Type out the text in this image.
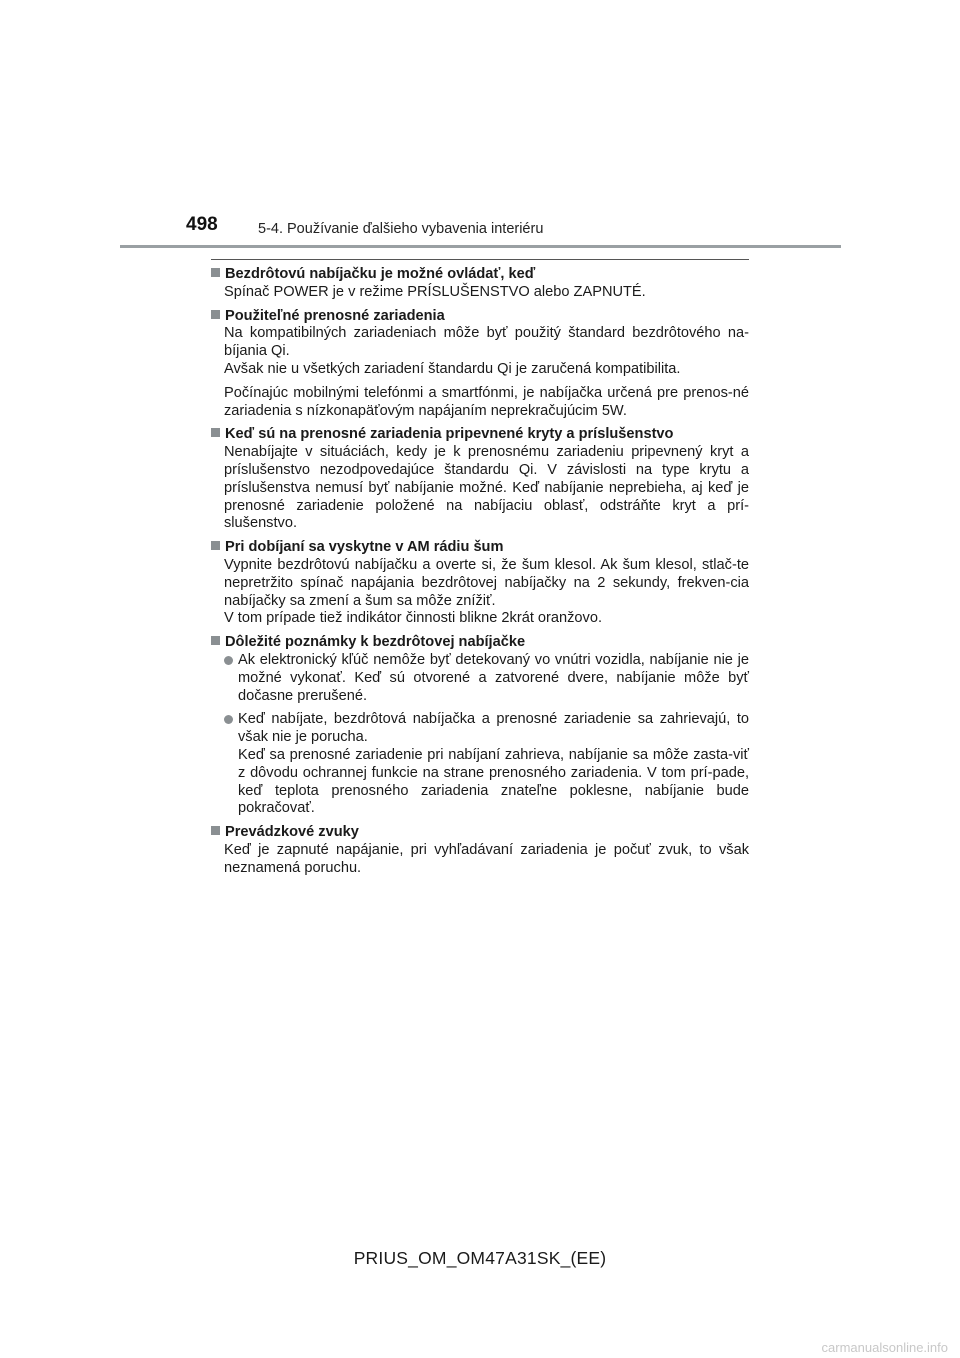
498	5-4. Používanie ďalšieho vybavenia interiéru
Bezdrôtovú nabíjačku je možné ovládať, keď
Spínač POWER je v režime PRÍSLUŠENSTVO alebo ZAPNUTÉ.
Použiteľné prenosné zariadenia
Na kompatibilných zariadeniach môže byť použitý štandard bezdrôtového na-bíjania Qi.
Avšak nie u všetkých zariadení štandardu Qi je zaručená kompatibilita.
Počínajúc mobilnými telefónmi a smartfónmi, je nabíjačka určená pre prenos-né zariadenia s nízkonapäťovým napájaním neprekračujúcim 5W.
Keď sú na prenosné zariadenia pripevnené kryty a príslušenstvo
Nenabíjajte v situáciách, kedy je k prenosnému zariadeniu pripevnený kryt a príslušenstvo nezodpovedajúce štandardu Qi. V závislosti na type krytu a príslušenstva nemusí byť nabíjanie možné. Keď nabíjanie neprebieha, aj keď je prenosné zariadenie položené na nabíjaciu oblasť, odstráňte kryt a prí-slušenstvo.
Pri dobíjaní sa vyskytne v AM rádiu šum
Vypnite bezdrôtovú nabíjačku a overte si, že šum klesol. Ak šum klesol, stlač-te nepretržito spínač napájania bezdrôtovej nabíjačky na 2 sekundy, frekven-cia nabíjačky sa zmení a šum sa môže znížiť.
V tom prípade tiež indikátor činnosti blikne 2krát oranžovo.
Dôležité poznámky k bezdrôtovej nabíjačke
Ak elektronický kľúč nemôže byť detekovaný vo vnútri vozidla, nabíjanie nie je možné vykonať. Keď sú otvorené a zatvorené dvere, nabíjanie môže byť dočasne prerušené.
Keď nabíjate, bezdrôtová nabíjačka a prenosné zariadenie sa zahrievajú, to však nie je porucha.
Keď sa prenosné zariadenie pri nabíjaní zahrieva, nabíjanie sa môže zasta-viť z dôvodu ochrannej funkcie na strane prenosného zariadenia. V tom prí-pade, keď teplota prenosného zariadenia znateľne poklesne, nabíjanie bude pokračovať.
Prevádzkové zvuky
Keď je zapnuté napájanie, pri vyhľadávaní zariadenia je počuť zvuk, to však neznamená poruchu.
PRIUS_OM_OM47A31SK_(EE)
carmanualsonline.info
